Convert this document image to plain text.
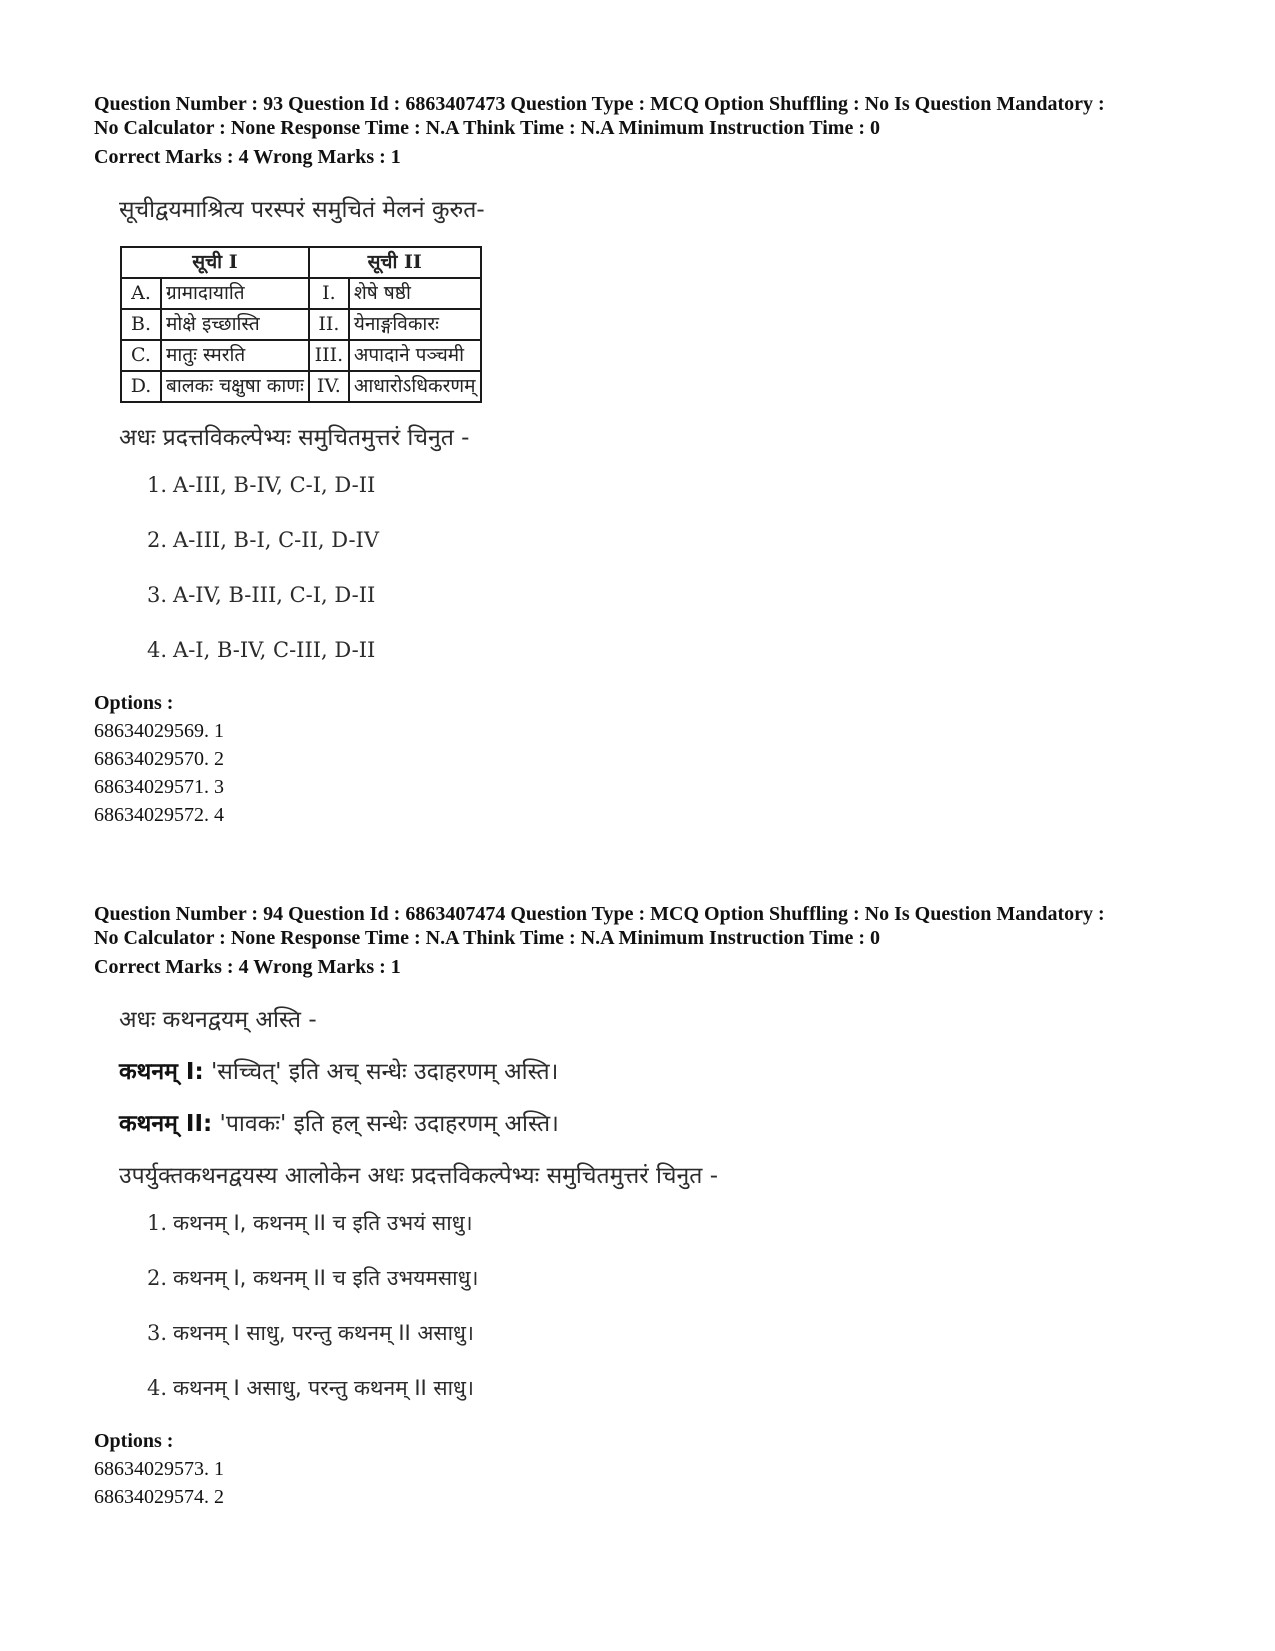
Question Number : 93 Question Id : 6863407473 Question Type : MCQ Option Shuffling : No Is Question Mandatory :

No Calculator : None Response Time : N.A Think Time : N.A Minimum Instruction Time : 0

Correct Marks : 4 Wrong Marks : 1

सूचीद्वयमाश्रित्य परस्परं समुचितं मेलनं कुरुत-

सूची I		सूची II	
A.	ग्रामादायाति	I.	शेषे षष्ठी
B.	मोक्षे इच्छास्ति	II.	येनाङ्गविकारः
C.	मातुः स्मरति	III.	अपादाने पञ्चमी
D.	बालकः चक्षुषा काणः	IV.	आधारोऽधिकरणम्

अधः प्रदत्तविकल्पेभ्यः समुचितमुत्तरं चिनुत -

1. A-III, B-IV, C-I, D-II
2. A-III, B-I, C-II, D-IV
3. A-IV, B-III, C-I, D-II
4. A-I, B-IV, C-III, D-II

Options :

68634029569. 1

68634029570. 2

68634029571. 3

68634029572. 4

Question Number : 94 Question Id : 6863407474 Question Type : MCQ Option Shuffling : No Is Question Mandatory :

No Calculator : None Response Time : N.A Think Time : N.A Minimum Instruction Time : 0

Correct Marks : 4 Wrong Marks : 1

अधः कथनद्वयम् अस्ति -

कथनम् I: 'सच्चित्' इति अच् सन्धेः उदाहरणम् अस्ति।

कथनम् II: 'पावकः' इति हल् सन्धेः उदाहरणम् अस्ति।

उपर्युक्तकथनद्वयस्य आलोकेन अधः प्रदत्तविकल्पेभ्यः समुचितमुत्तरं चिनुत -

1. कथनम् I, कथनम् II च इति उभयं साधु।
2. कथनम् I, कथनम् II च इति उभयमसाधु।
3. कथनम् I साधु, परन्तु कथनम् II असाधु।
4. कथनम् I असाधु, परन्तु कथनम् II साधु।

Options :

68634029573. 1

68634029574. 2
